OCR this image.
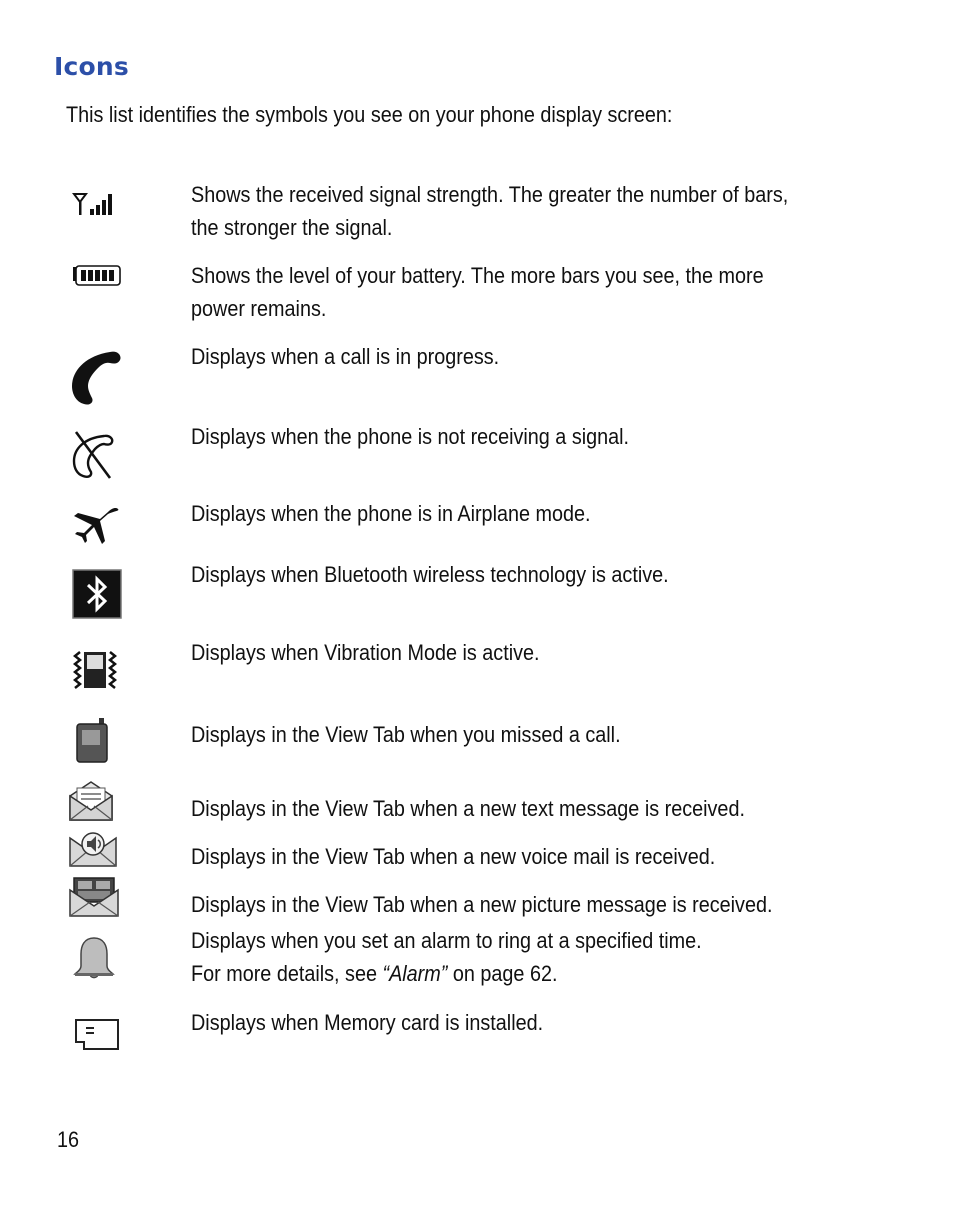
Icons

This list identifies the symbols you see on your phone display screen:

Shows the received signal strength. The greater the number of bars,
the stronger the signal.

Shows the level of your battery. The more bars you see, the more
power remains.

Displays when a call is in progress.

Displays when the phone is not receiving a signal.

Displays when the phone is in Airplane mode.

Displays when Bluetooth wireless technology is active.

Displays when Vibration Mode is active.

Displays in the View Tab when you missed a call.

Displays in the View Tab when a new text message is received.

Displays in the View Tab when a new voice mail is received.

Displays in the View Tab when a new picture message is received.

Displays when you set an alarm to ring at a specified time.
For more details, see “Alarm” on page 62.

Displays when Memory card is installed.

16
